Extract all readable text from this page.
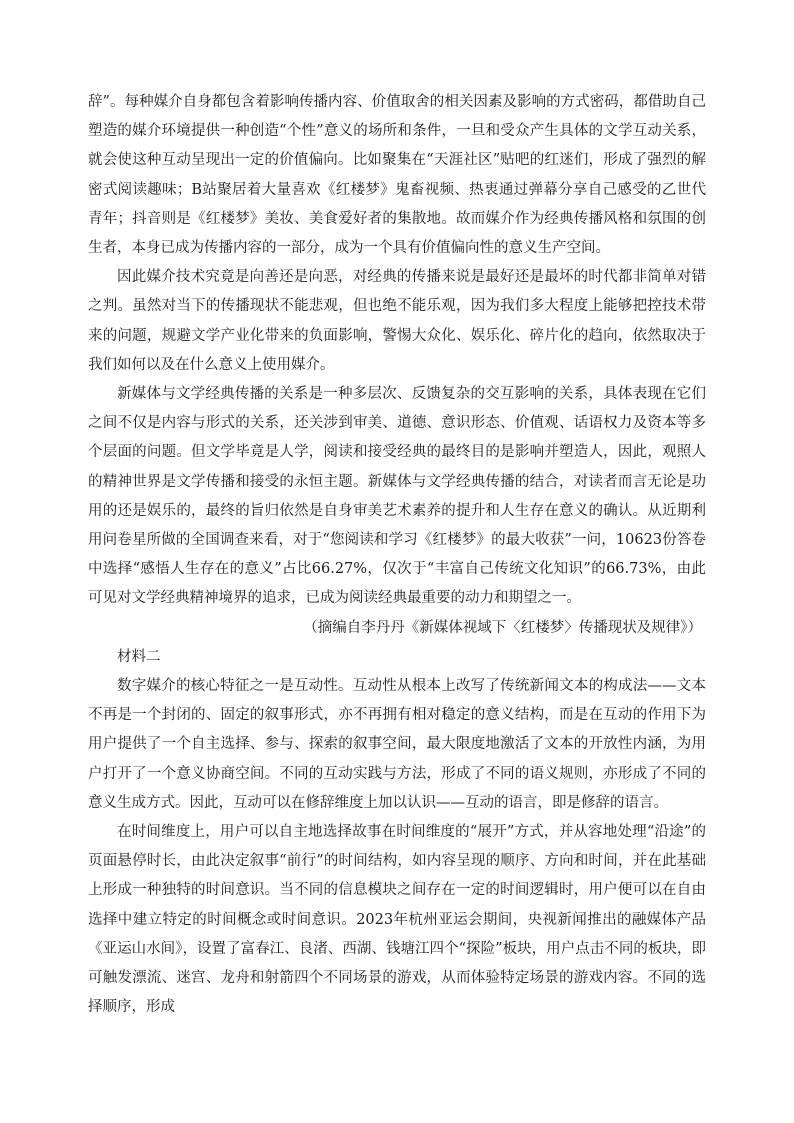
辞”。每种媒介自身都包含着影响传播内容、价值取舍的相关因素及影响的方式密码，都借助自己塑造的媒介环境提供一种创造“个性”意义的场所和条件，一旦和受众产生具体的文学互动关系，就会使这种互动呈现出一定的价值偏向。比如聚集在“天涯社区”贴吧的红迷们，形成了强烈的解密式阅读趣味；B站聚居着大量喜欢《红楼梦》鬼畜视频、热衷通过弹幕分享自己感受的乙世代青年；抖音则是《红楼梦》美妆、美食爱好者的集散地。故而媒介作为经典传播风格和氛围的创生者，本身已成为传播内容的一部分，成为一个具有价值偏向性的意义生产空间。

因此媒介技术究竟是向善还是向恶，对经典的传播来说是最好还是最坏的时代都非简单对错之判。虽然对当下的传播现状不能悲观，但也绝不能乐观，因为我们多大程度上能够把控技术带来的问题，规避文学产业化带来的负面影响，警惕大众化、娱乐化、碎片化的趋向，依然取决于我们如何以及在什么意义上使用媒介。

新媒体与文学经典传播的关系是一种多层次、反馈复杂的交互影响的关系，具体表现在它们之间不仅是内容与形式的关系，还关涉到审美、道德、意识形态、价值观、话语权力及资本等多个层面的问题。但文学毕竟是人学，阅读和接受经典的最终目的是影响并塑造人，因此，观照人的精神世界是文学传播和接受的永恒主题。新媒体与文学经典传播的结合，对读者而言无论是功用的还是娱乐的，最终的旨归依然是自身审美艺术素养的提升和人生存在意义的确认。从近期利用问卷星所做的全国调查来看，对于“您阅读和学习《红楼梦》的最大收获”一问，10623份答卷中选择“感悟人生存在的意义”占比66.27%，仅次于“丰富自己传统文化知识”的66.73%，由此可见对文学经典精神境界的追求，已成为阅读经典最重要的动力和期望之一。

（摘编自李丹丹《新媒体视域下〈红楼梦〉传播现状及规律》）

材料二

数字媒介的核心特征之一是互动性。互动性从根本上改写了传统新闻文本的构成法——文本不再是一个封闭的、固定的叙事形式，亦不再拥有相对稳定的意义结构，而是在互动的作用下为用户提供了一个自主选择、参与、探索的叙事空间，最大限度地激活了文本的开放性内涵，为用户打开了一个意义协商空间。不同的互动实践与方法，形成了不同的语义规则，亦形成了不同的意义生成方式。因此，互动可以在修辞维度上加以认识——互动的语言，即是修辞的语言。

在时间维度上，用户可以自主地选择故事在时间维度的“展开”方式，并从容地处理“沿途”的页面悬停时长，由此决定叙事“前行”的时间结构，如内容呈现的顺序、方向和时间，并在此基础上形成一种独特的时间意识。当不同的信息模块之间存在一定的时间逻辑时，用户便可以在自由选择中建立特定的时间概念或时间意识。2023年杭州亚运会期间，央视新闻推出的融媒体产品《亚运山水间》，设置了富春江、良渚、西湖、钱塘江四个“探险”板块，用户点击不同的板块，即可触发漂流、迷宫、龙舟和射箭四个不同场景的游戏，从而体验特定场景的游戏内容。不同的选择顺序，形成
